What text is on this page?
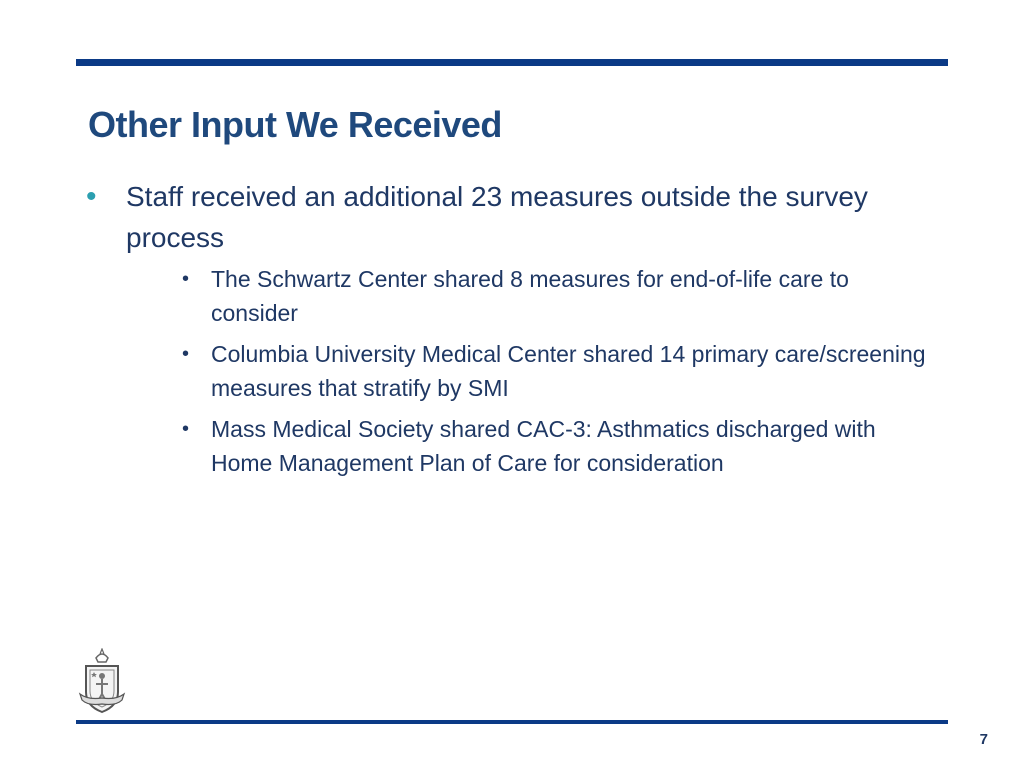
Other Input We Received
• Staff received an additional 23 measures outside the survey process
• The Schwartz Center shared 8 measures for end-of-life care to consider
• Columbia University Medical Center shared 14 primary care/screening measures that stratify by SMI
• Mass Medical Society shared CAC-3: Asthmatics discharged with Home Management Plan of Care for consideration
7
